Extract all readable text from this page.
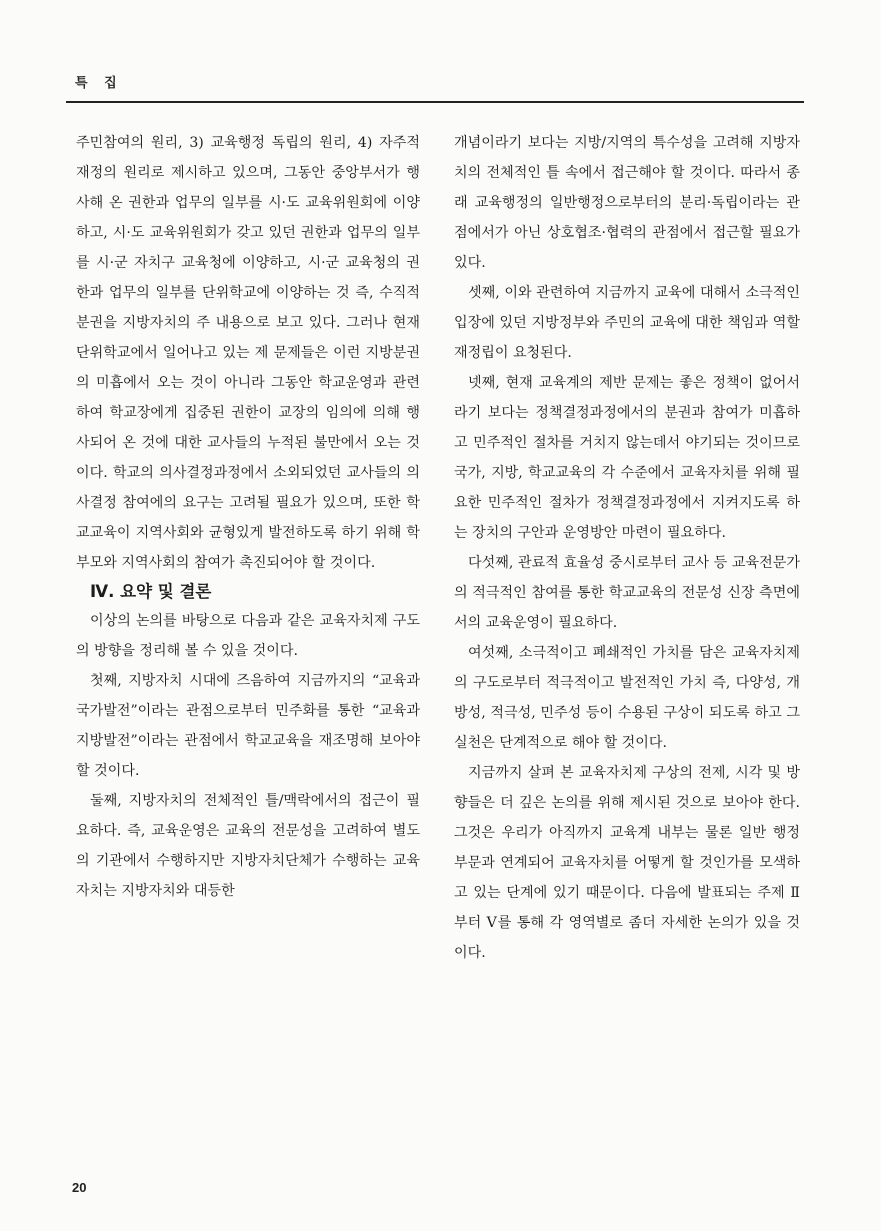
특 집

주민참여의 원리, 3) 교육행정 독립의 원리, 4) 자주적 재정의 원리로 제시하고 있으며, 그동안 중앙부서가 행사해 온 권한과 업무의 일부를 시·도 교육위원회에 이양하고, 시·도 교육위원회가 갖고 있던 권한과 업무의 일부를 시·군 자치구 교육청에 이양하고, 시·군 교육청의 권한과 업무의 일부를 단위학교에 이양하는 것 즉, 수직적 분권을 지방자치의 주 내용으로 보고 있다. 그러나 현재 단위학교에서 일어나고 있는 제 문제들은 이런 지방분권의 미흡에서 오는 것이 아니라 그동안 학교운영과 관련하여 학교장에게 집중된 권한이 교장의 임의에 의해 행사되어 온 것에 대한 교사들의 누적된 불만에서 오는 것이다. 학교의 의사결정과정에서 소외되었던 교사들의 의사결정 참여에의 요구는 고려될 필요가 있으며, 또한 학교교육이 지역사회와 균형있게 발전하도록 하기 위해 학부모와 지역사회의 참여가 촉진되어야 할 것이다.

Ⅳ. 요약 및 결론

이상의 논의를 바탕으로 다음과 같은 교육자치제 구도의 방향을 정리해 볼 수 있을 것이다.

첫째, 지방자치 시대에 즈음하여 지금까지의 “교육과 국가발전”이라는 관점으로부터 민주화를 통한 “교육과 지방발전”이라는 관점에서 학교교육을 재조명해 보아야 할 것이다.

둘째, 지방자치의 전체적인 틀/맥락에서의 접근이 필요하다. 즉, 교육운영은 교육의 전문성을 고려하여 별도의 기관에서 수행하지만 지방자치단체가 수행하는 교육자치는 지방자치와 대등한

개념이라기 보다는 지방/지역의 특수성을 고려해 지방자치의 전체적인 틀 속에서 접근해야 할 것이다. 따라서 종래 교육행정의 일반행정으로부터의 분리·독립이라는 관점에서가 아닌 상호협조·협력의 관점에서 접근할 필요가 있다.

셋째, 이와 관련하여 지금까지 교육에 대해서 소극적인 입장에 있던 지방정부와 주민의 교육에 대한 책임과 역할 재정립이 요청된다.

넷째, 현재 교육계의 제반 문제는 좋은 정책이 없어서라기 보다는 정책결정과정에서의 분권과 참여가 미흡하고 민주적인 절차를 거치지 않는데서 야기되는 것이므로 국가, 지방, 학교교육의 각 수준에서 교육자치를 위해 필요한 민주적인 절차가 정책결정과정에서 지켜지도록 하는 장치의 구안과 운영방안 마련이 필요하다.

다섯째, 관료적 효율성 중시로부터 교사 등 교육전문가의 적극적인 참여를 통한 학교교육의 전문성 신장 측면에서의 교육운영이 필요하다.

여섯째, 소극적이고 폐쇄적인 가치를 담은 교육자치제의 구도로부터 적극적이고 발전적인 가치 즉, 다양성, 개방성, 적극성, 민주성 등이 수용된 구상이 되도록 하고 그 실천은 단계적으로 해야 할 것이다.

지금까지 살펴 본 교육자치제 구상의 전제, 시각 및 방향들은 더 깊은 논의를 위해 제시된 것으로 보아야 한다. 그것은 우리가 아직까지 교육계 내부는 물론 일반 행정 부문과 연계되어 교육자치를 어떻게 할 것인가를 모색하고 있는 단계에 있기 때문이다. 다음에 발표되는 주제 Ⅱ부터 Ⅴ를 통해 각 영역별로 좀더 자세한 논의가 있을 것이다.

20
